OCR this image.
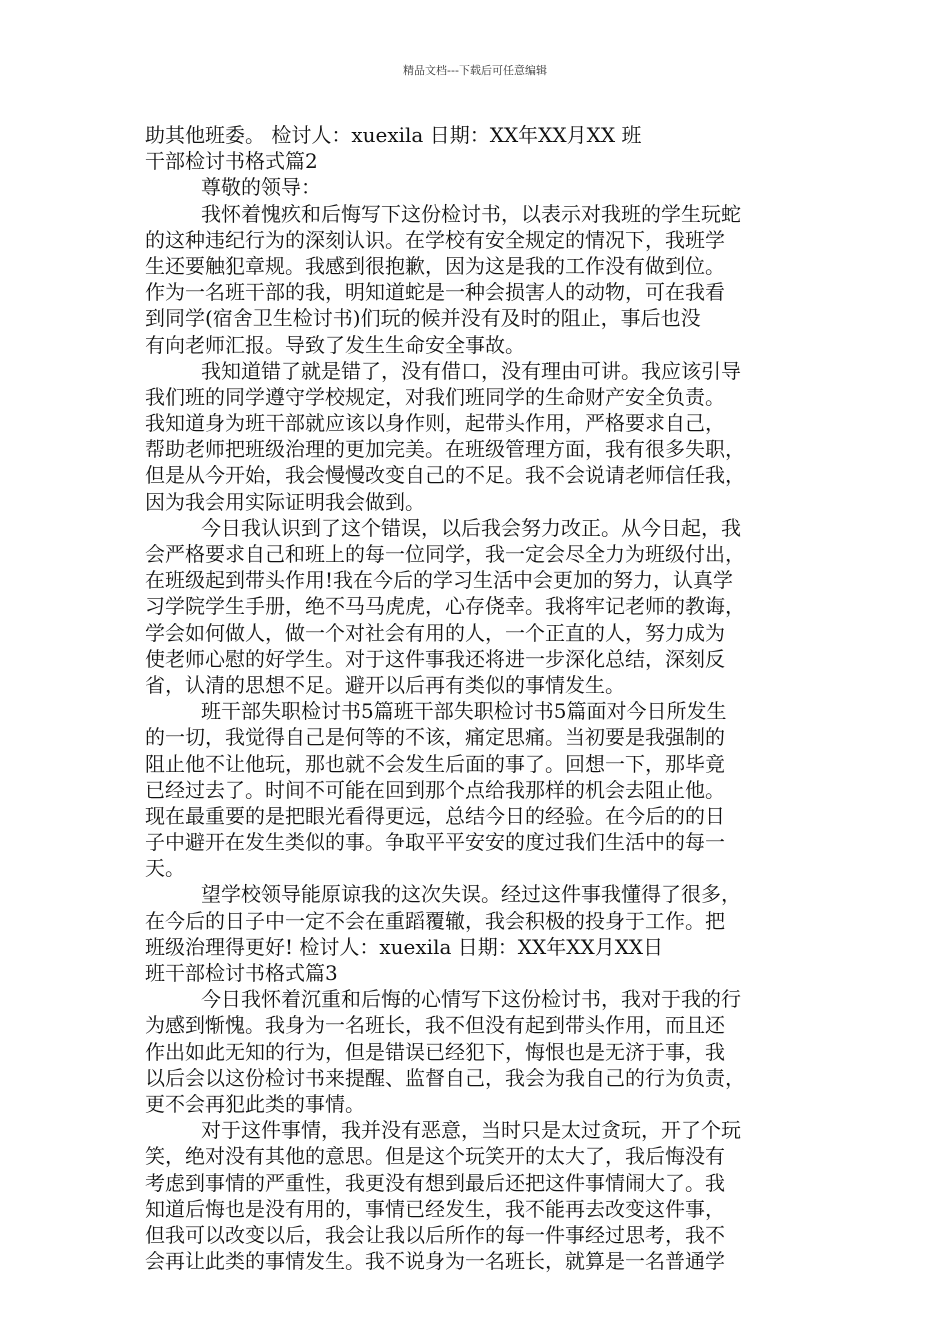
精品文档---下载后可任意编辑
助其他班委。 检讨人：xuexila 日期：XX年XX月XX 班
干部检讨书格式篇2
尊敬的领导：
我怀着愧疚和后悔写下这份检讨书，以表示对我班的学生玩蛇
的这种违纪行为的深刻认识。在学校有安全规定的情况下，我班学
生还要触犯章规。我感到很抱歉，因为这是我的工作没有做到位。
作为一名班干部的我，明知道蛇是一种会损害人的动物，可在我看
到同学(宿舍卫生检讨书)们玩的候并没有及时的阻止，事后也没
有向老师汇报。导致了发生生命安全事故。
我知道错了就是错了，没有借口，没有理由可讲。我应该引导
我们班的同学遵守学校规定，对我们班同学的生命财产安全负责。
我知道身为班干部就应该以身作则，起带头作用，严格要求自己，
帮助老师把班级治理的更加完美。在班级管理方面，我有很多失职，
但是从今开始，我会慢慢改变自己的不足。我不会说请老师信任我，
因为我会用实际证明我会做到。
今日我认识到了这个错误，以后我会努力改正。从今日起，我
会严格要求自己和班上的每一位同学，我一定会尽全力为班级付出，
在班级起到带头作用!我在今后的学习生活中会更加的努力，认真学
习学院学生手册，绝不马马虎虎，心存侥幸。我将牢记老师的教诲，
学会如何做人，做一个对社会有用的人，一个正直的人，努力成为
使老师心慰的好学生。对于这件事我还将进一步深化总结，深刻反
省，认清的思想不足。避开以后再有类似的事情发生。
班干部失职检讨书5篇班干部失职检讨书5篇面对今日所发生
的一切，我觉得自己是何等的不该，痛定思痛。当初要是我强制的
阻止他不让他玩，那也就不会发生后面的事了。回想一下，那毕竟
已经过去了。时间不可能在回到那个点给我那样的机会去阻止他。
现在最重要的是把眼光看得更远，总结今日的经验。在今后的的日
子中避开在发生类似的事。争取平平安安的度过我们生活中的每一
天。
望学校领导能原谅我的这次失误。经过这件事我懂得了很多，
在今后的日子中一定不会在重蹈覆辙，我会积极的投身于工作。把
班级治理得更好! 检讨人：xuexila 日期：XX年XX月XX日
班干部检讨书格式篇3
今日我怀着沉重和后悔的心情写下这份检讨书，我对于我的行
为感到惭愧。我身为一名班长，我不但没有起到带头作用，而且还
作出如此无知的行为，但是错误已经犯下，悔恨也是无济于事，我
以后会以这份检讨书来提醒、监督自己，我会为我自己的行为负责，
更不会再犯此类的事情。
对于这件事情，我并没有恶意，当时只是太过贪玩，开了个玩
笑，绝对没有其他的意思。但是这个玩笑开的太大了，我后悔没有
考虑到事情的严重性，我更没有想到最后还把这件事情闹大了。我
知道后悔也是没有用的，事情已经发生，我不能再去改变这件事，
但我可以改变以后，我会让我以后所作的每一件事经过思考，我不
会再让此类的事情发生。我不说身为一名班长，就算是一名普通学
